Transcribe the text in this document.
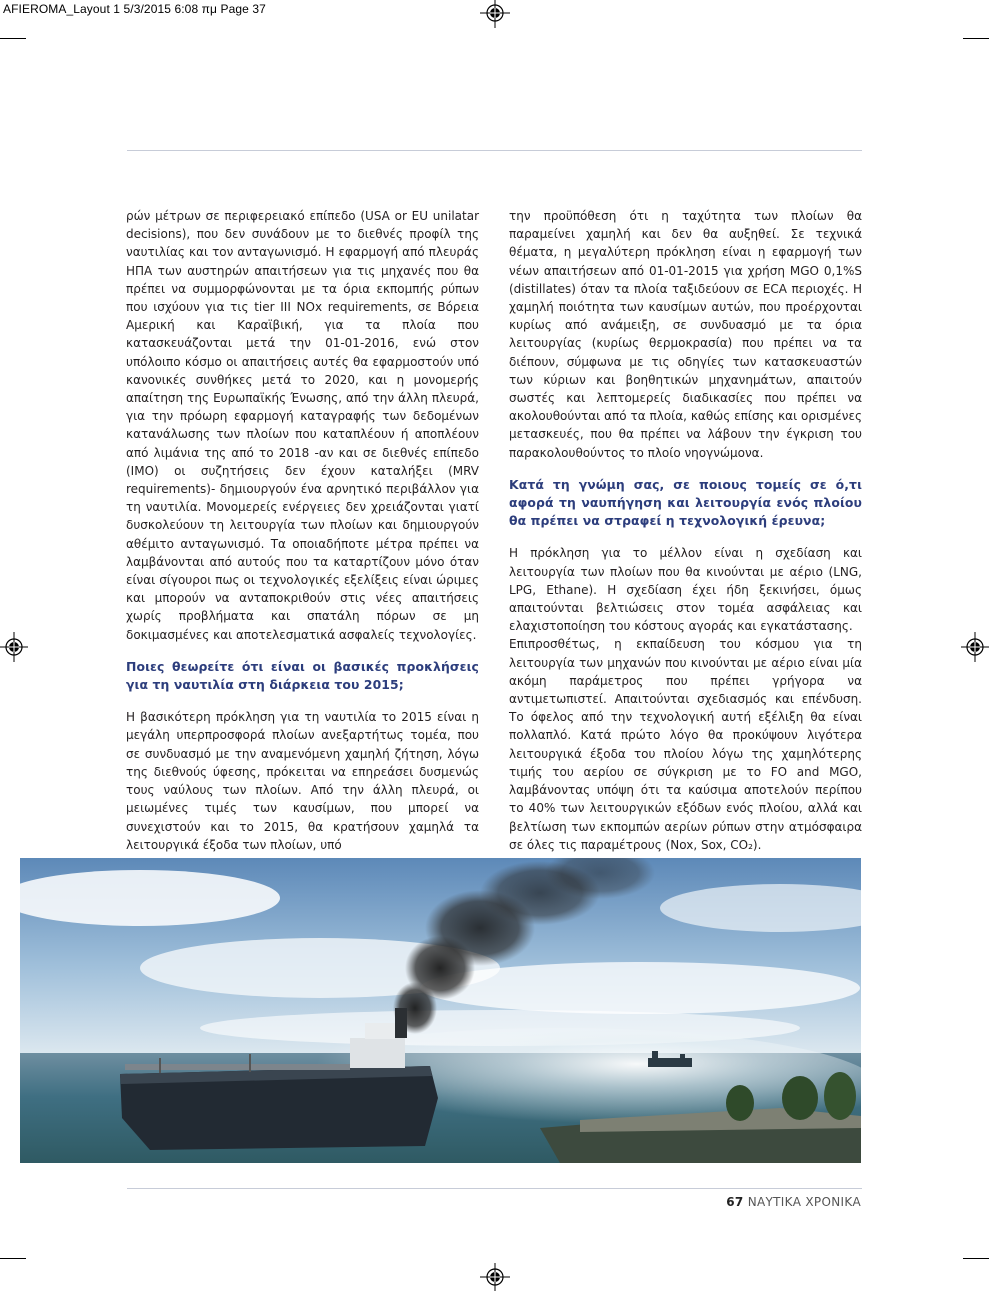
AFIEROMA_Layout 1 5/3/2015 6:08 πμ Page 37

ρών μέτρων σε περιφερειακό επίπεδο (USA or EU unilatar decisions), που δεν συνάδουν με το διεθνές προφίλ της ναυτιλίας και τον ανταγωνισμό. Η εφαρμογή από πλευράς ΗΠΑ των αυστηρών απαιτήσεων για τις μηχανές που θα πρέπει να συμμορφώνονται με τα όρια εκπομπής ρύπων που ισχύουν για τις tier III NOx requirements, σε Βόρεια Αμερική και Καραϊβική, για τα πλοία που κατασκευάζονται μετά την 01-01-2016, ενώ στον υπόλοιπο κόσμο οι απαιτήσεις αυτές θα εφαρμοστούν υπό κανονικές συνθήκες μετά το 2020, και η μονομερής απαίτηση της Ευρωπαϊκής Ένωσης, από την άλλη πλευρά, για την πρόωρη εφαρμογή καταγραφής των δεδομένων κατανάλωσης των πλοίων που καταπλέουν ή αποπλέουν από λιμάνια της από το 2018 -αν και σε διεθνές επίπεδο (ΙΜΟ) οι συζητήσεις δεν έχουν καταλήξει (MRV requirements)- δημιουργούν ένα αρνητικό περιβάλλον για τη ναυτιλία. Μονομερείς ενέργειες δεν χρειάζονται γιατί δυσκολεύουν τη λειτουργία των πλοίων και δημιουργούν αθέμιτο ανταγωνισμό. Τα οποιαδήποτε μέτρα πρέπει να λαμβάνονται από αυτούς που τα καταρτίζουν μόνο όταν είναι σίγουροι πως οι τεχνολογικές εξελίξεις είναι ώριμες και μπορούν να ανταποκριθούν στις νέες απαιτήσεις χωρίς προβλήματα και σπατάλη πόρων σε μη δοκιμασμένες και αποτελεσματικά ασφαλείς τεχνολογίες.

Ποιες θεωρείτε ότι είναι οι βασικές προκλήσεις για τη ναυτιλία στη διάρκεια του 2015;

Η βασικότερη πρόκληση για τη ναυτιλία το 2015 είναι η μεγάλη υπερπροσφορά πλοίων ανεξαρτήτως τομέα, που σε συνδυασμό με την αναμενόμενη χαμηλή ζήτηση, λόγω της διεθνούς ύφεσης, πρόκειται να επηρεάσει δυσμενώς τους ναύλους των πλοίων. Από την άλλη πλευρά, οι μειωμένες τιμές των καυσίμων, που μπορεί να συνεχιστούν και το 2015, θα κρατήσουν χαμηλά τα λειτουργικά έξοδα των πλοίων, υπό

την προϋπόθεση ότι η ταχύτητα των πλοίων θα παραμείνει χαμηλή και δεν θα αυξηθεί. Σε τεχνικά θέματα, η μεγαλύτερη πρόκληση είναι η εφαρμογή των νέων απαιτήσεων από 01-01-2015 για χρήση MGO 0,1%S (distillates) όταν τα πλοία ταξιδεύουν σε ECA περιοχές. Η χαμηλή ποιότητα των καυσίμων αυτών, που προέρχονται κυρίως από ανάμειξη, σε συνδυασμό με τα όρια λειτουργίας (κυρίως θερμοκρασία) που πρέπει να τα διέπουν, σύμφωνα με τις οδηγίες των κατασκευαστών των κύριων και βοηθητικών μηχανημάτων, απαιτούν σωστές και λεπτομερείς διαδικασίες που πρέπει να ακολουθούνται από τα πλοία, καθώς επίσης και ορισμένες μετασκευές, που θα πρέπει να λάβουν την έγκριση του παρακολουθούντος το πλοίο νηογνώμονα.

Κατά τη γνώμη σας, σε ποιους τομείς σε ό,τι αφορά τη ναυπήγηση και λειτουργία ενός πλοίου θα πρέπει να στραφεί η τεχνολογική έρευνα;

Η πρόκληση για το μέλλον είναι η σχεδίαση και λειτουργία των πλοίων που θα κινούνται με αέριο (LNG, LPG, Ethane). Η σχεδίαση έχει ήδη ξεκινήσει, όμως απαιτούνται βελτιώσεις στον τομέα ασφάλειας και ελαχιστοποίηση του κόστους αγοράς και εγκατάστασης.

Επιπροσθέτως, η εκπαίδευση του κόσμου για τη λειτουργία των μηχανών που κινούνται με αέριο είναι μία ακόμη παράμετρος που πρέπει γρήγορα να αντιμετωπιστεί. Απαιτούνται σχεδιασμός και επένδυση. Το όφελος από την τεχνολογική αυτή εξέλιξη θα είναι πολλαπλό. Κατά πρώτο λόγο θα προκύψουν λιγότερα λειτουργικά έξοδα του πλοίου λόγω της χαμηλότερης τιμής του αερίου σε σύγκριση με το FO and MGO, λαμβάνοντας υπόψη ότι τα καύσιμα αποτελούν περίπου το 40% των λειτουργικών εξόδων ενός πλοίου, αλλά και βελτίωση των εκπομπών αερίων ρύπων στην ατμόσφαιρα σε όλες τις παραμέτρους (Nox, Sox, CO₂).

67 ΝΑΥΤΙΚΑ ΧΡΟΝΙΚΑ
